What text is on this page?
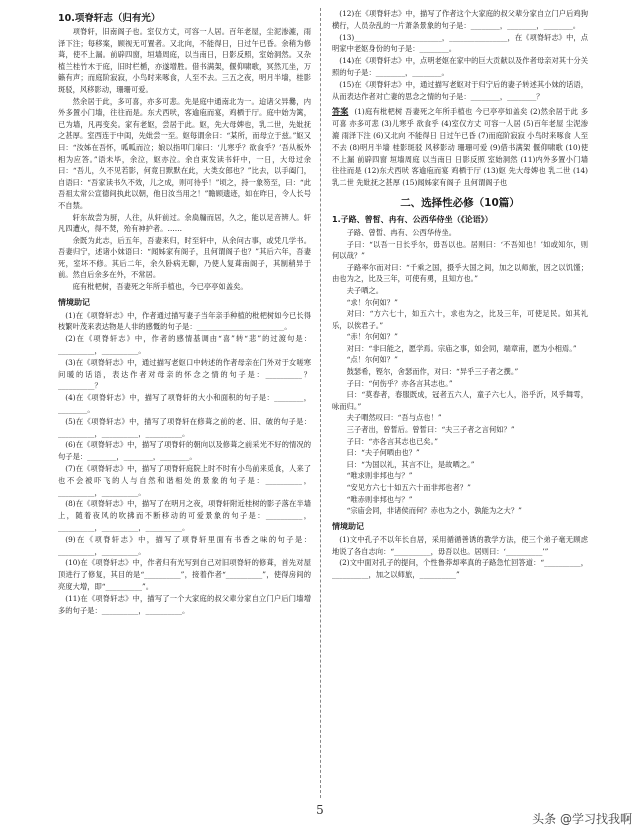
10.项脊轩志（归有光）

项脊轩，旧南阁子也。室仅方丈，可容一人居。百年老屋，尘泥渗漉，雨泽下注；每移案，顾视无可置者。又北向，不能得日，日过午已昏。余稍为修葺，使不上漏。前辟四窗，垣墙周庭，以当南日，日影反照，室始洞然。又杂植兰桂竹木于庭，旧时栏楯，亦遂增胜。借书满架，偃仰啸歌，冥然兀坐，万籁有声；而庭阶寂寂，小鸟时来啄食，人至不去。三五之夜，明月半墙，桂影斑驳，风移影动，珊珊可爱。

然余居于此，多可喜，亦多可悲。先是庭中通南北为一。迨诸父异爨，内外多置小门墙，往往而是。东犬西吠，客逾庖而宴，鸡栖于厅。庭中始为篱，已为墙，凡再变矣。家有老妪，尝居于此。妪，先大母婢也，乳二世，先妣抚之甚厚。室西连于中闺，先妣尝一至。妪每谓余曰：“某所，而母立于兹。”妪又曰：“汝姊在吾怀，呱呱而泣；娘以指叩门扉曰：‘儿寒乎？欲食乎？’吾从板外相为应答。”语未毕，余泣，妪亦泣。余自束发读书轩中，一日，大母过余曰：“吾儿，久不见若影，何竟日默默在此，大类女郎也？”比去，以手阖门，自语曰：“吾家读书久不效，儿之成，则可待乎！”顷之，持一象笏至，曰：“此吾祖太常公宣德间执此以朝，他日汝当用之！”瞻顾遗迹，如在昨日，令人长号不自禁。

轩东故尝为厨，人往，从轩前过。余扃牖而居，久之，能以足音辨人。轩凡四遭火，得不焚，殆有神护者。……

余既为此志，后五年，吾妻来归，时至轩中，从余问古事，或凭几学书。吾妻归宁，述诸小妹语曰：“闻姊家有阁子，且何谓阁子也？”其后六年，吾妻死，室坏不修。其后二年，余久卧病无聊，乃使人复葺南阁子，其制稍异于前。然自后余多在外，不常居。

庭有枇杷树，吾妻死之年所手植也，今已亭亭如盖矣。

情境助记

(1)在《项脊轩志》中，作者通过描写妻子当年亲手种植的枇杷树如今已长得枝繁叶茂来表达物是人非的感慨的句子是：________________________。

(2)在《项脊轩志》中，作者的感情基调由“喜”转“悲”的过渡句是：__________，__________。

(3)在《项脊轩志》中，通过描写老妪口中转述的作者母亲在门外对于女嗟寒问暖的话语，表达作者对母亲的怀念之情的句子是：__________？__________？

(4)在《项脊轩志》中，描写了项脊轩的大小和面积的句子是：________，________。

(5)在《项脊轩志》中，描写了项脊轩在修葺之前的老、旧、破的句子是：__________，__________，__________。

(6)在《项脊轩志》中，描写了项脊轩的朝向以及修葺之前采光不好的情况的句子是：________，________，________。

(7)在《项脊轩志》中，描写了项脊轩庭院上时不时有小鸟前来觅食，人来了也不会被吓飞的人与自然和谐相处的景象的句子是：__________，__________，__________。

(8)在《项脊轩志》中，描写了在明月之夜，项脊轩附近桂树的影子落在半墙上，随着夜风的吹拂而不断移动的可爱景象的句子是：__________，__________，__________，__________。

(9)在《项脊轩志》中，描写了项脊轩里面有书香之味的句子是：__________，__________。

(10)在《项脊轩志》中，作者归有光写到自己对旧项脊轩的修葺，首先对屋顶进行了修复，其目的是“__________”，接着作者“__________”，使得房间的亮度大增，即“__________”。

(11)在《项脊轩志》中，描写了一个大家庭的叔父辈分家自立门户后门墙增多的句子是：__________，__________。

(12)在《项脊轩志》中，描写了作者这个大家庭的叔父辈分家自立门户后鸡狗横行，人员杂乱的一片萧条景象的句子是：________，________，________。

(13)________________________，________________，在《项脊轩志》中，点明家中老妪身份的句子是：________。

(14)在《项脊轩志》中，点明老妪在家中的巨大贡献以及作者母亲对其十分关照的句子是：________，________。

(15)在《项脊轩志》中，通过描写老妪对于归宁后的妻子转述其小妹的话语，从而表达作者对亡妻的思念之情的句子是：________，________？

答案 (1)庭有枇杷树 吾妻死之年所手植也 今已亭亭如盖矣 (2)然余居于此 多可喜 亦多可悲 (3)儿寒乎 欲食乎 (4)室仅方丈 可容一人居 (5)百年老屋 尘泥渗漉 雨泽下注 (6)又北向 不能得日 日过午已昏 (7)而庭阶寂寂 小鸟时来啄食 人至不去 (8)明月半墙 桂影斑驳 风移影动 珊珊可爱 (9)借书满架 偃仰啸歌 (10)使不上漏 前辟四窗 垣墙周庭 以当南日 日影反照 室始洞然 (11)内外多置小门墙 往往而是 (12)东犬西吠 客逾庖而宴 鸡栖于厅 (13)妪 先大母婢也 乳二世 (14)乳二世 先妣抚之甚厚 (15)闻姊家有阁子 且何谓阁子也

二、选择性必修（10篇）
1.子路、曾皙、冉有、公西华侍坐（《论语》）

子路、曾皙、冉有、公西华侍坐。

子曰：“以吾一日长乎尔，毋吾以也。居则曰：‘不吾知也！’如或知尔，则何以哉？”

子路率尔而对曰：“千乘之国，摄乎大国之间，加之以师旅，因之以饥馑；由也为之，比及三年，可使有勇，且知方也。”

夫子哂之。

“求！尔何如？”

对曰：“方六七十，如五六十，求也为之，比及三年，可使足民。如其礼乐，以俟君子。”

“赤！尔何如？”

对曰：“非曰能之，愿学焉。宗庙之事，如会同，端章甫，愿为小相焉。”

“点！尔何如？”

鼓瑟希，铿尔，舍瑟而作，对曰：“异乎三子者之撰。”

子曰：“何伤乎？亦各言其志也。”

曰：“莫春者，春服既成，冠者五六人，童子六七人，浴乎沂，风乎舞雩，咏而归。”

夫子喟然叹曰：“吾与点也！”

三子者出，曾皙后。曾皙曰：“夫三子者之言何如？”

子曰：“亦各言其志也已矣。”

曰：“夫子何哂由也？”

曰：“为国以礼，其言不让，是故哂之。”

“唯求则非邦也与？”

“安见方六七十如五六十而非邦也者？”

“唯赤则非邦也与？”

“宗庙会同，非诸侯而何？赤也为之小，孰能为之大？”

情境助记

(1)文中孔子不以年长自居，采用循循善诱的教学方法，使三个弟子毫无顾虑地说了各自志向：“__________，毋吾以也。居则曰：‘__________’”

(2)文中面对孔子的提问，个性鲁莽却率真的子路急忙回答道：“__________，__________，加之以师旅，__________”

5
头条 @学习找我啊
